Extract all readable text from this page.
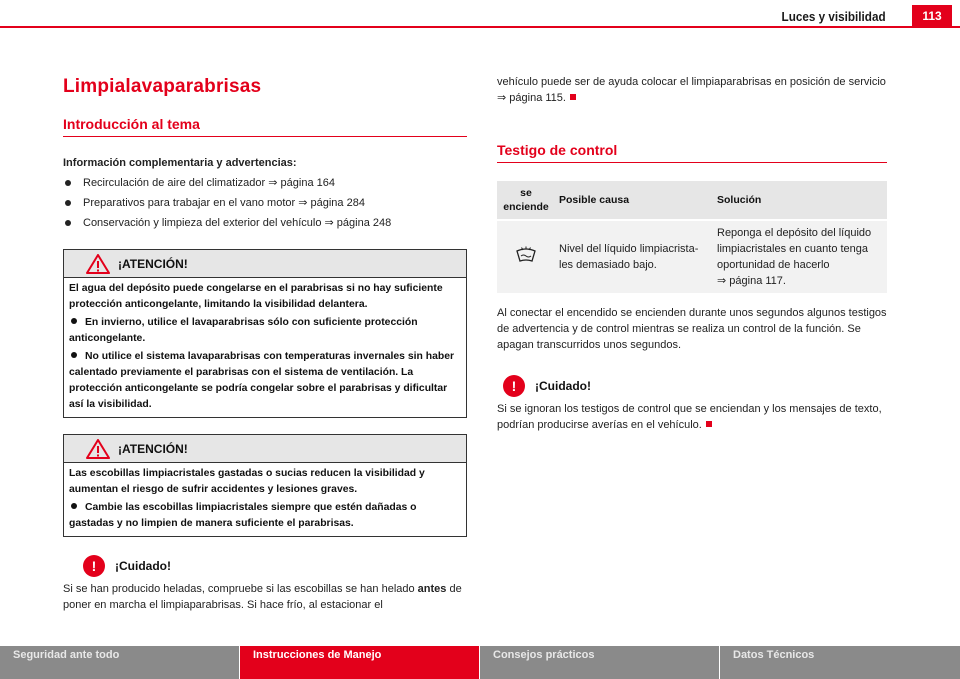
Luces y visibilidad	113
Limpialavaparabrisas
Introducción al tema
Información complementaria y advertencias:
Recirculación de aire del climatizador ⇒ página 164
Preparativos para trabajar en el vano motor ⇒ página 284
Conservación y limpieza del exterior del vehículo ⇒ página 248
¡ATENCIÓN!
El agua del depósito puede congelarse en el parabrisas si no hay suficiente protección anticongelante, limitando la visibilidad delantera.
En invierno, utilice el lavaparabrisas sólo con suficiente protección anticongelante.
No utilice el sistema lavaparabrisas con temperaturas invernales sin haber calentado previamente el parabrisas con el sistema de ventilación. La protección anticongelante se podría congelar sobre el parabrisas y dificultar así la visibilidad.
¡ATENCIÓN!
Las escobillas limpiacristales gastadas o sucias reducen la visibilidad y aumentan el riesgo de sufrir accidentes y lesiones graves.
Cambie las escobillas limpiacristales siempre que estén dañadas o gastadas y no limpien de manera suficiente el parabrisas.
!	¡Cuidado!
Si se han producido heladas, compruebe si las escobillas se han helado antes de poner en marcha el limpiaparabrisas. Si hace frío, al estacionar el
vehículo puede ser de ayuda colocar el limpiaparabrisas en posición de servicio ⇒ página 115.
Testigo de control
se enciende	Posible causa	Solución
	Nivel del líquido limpiacrista-les demasiado bajo.	Reponga el depósito del líquido limpiacristales en cuanto tenga oportunidad de hacerlo
⇒ página 117.
Al conectar el encendido se encienden durante unos segundos algunos testigos de advertencia y de control mientras se realiza un control de la función. Se apagan transcurridos unos segundos.
!	¡Cuidado!
Si se ignoran los testigos de control que se enciendan y los mensajes de texto, podrían producirse averías en el vehículo.
Seguridad ante todo	Instrucciones de Manejo	Consejos prácticos	Datos Técnicos
